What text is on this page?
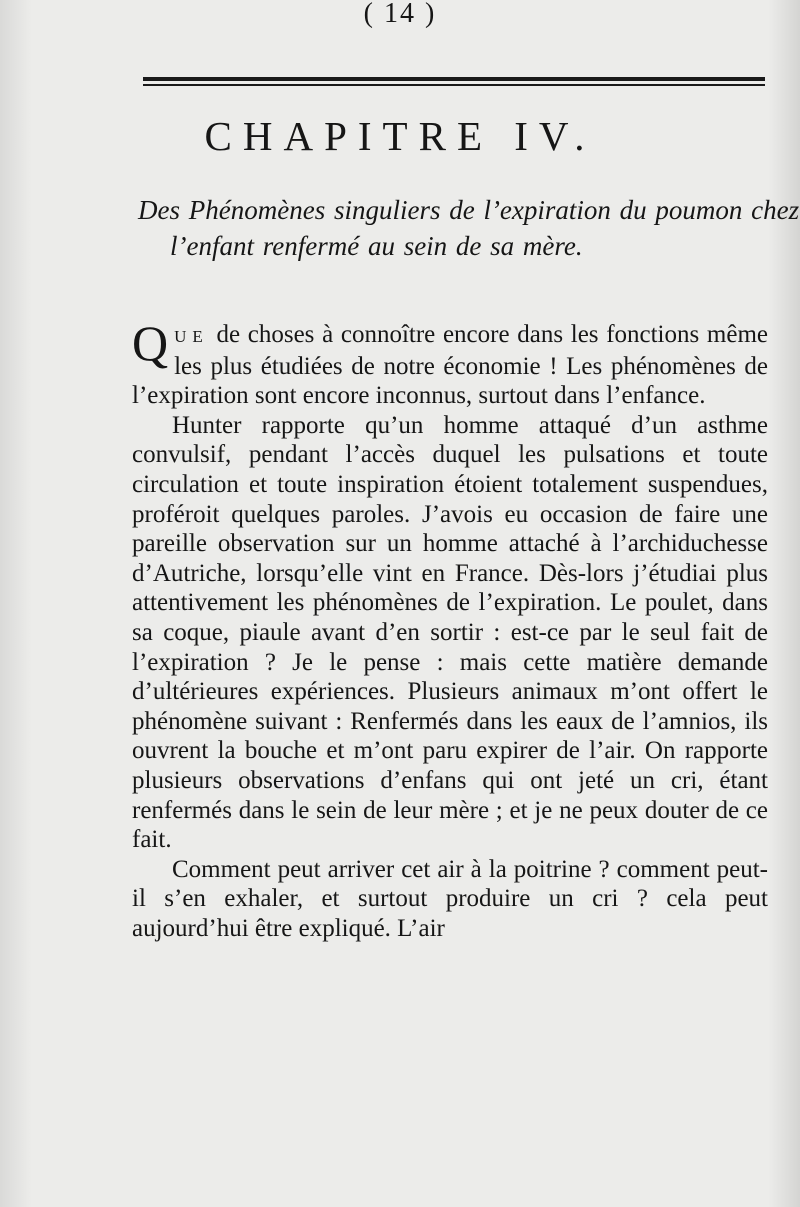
( 14 )
CHAPITRE IV.

Des Phénomènes singuliers de l’expiration du poumon chez l’enfant renfermé au sein de sa mère.

QUE de choses à connoître encore dans les fonctions même les plus étudiées de notre économie ! Les phénomènes de l’expiration sont encore inconnus, surtout dans l’enfance.

Hunter rapporte qu’un homme attaqué d’un asthme convulsif, pendant l’accès duquel les pulsations et toute circulation et toute inspiration étoient totalement suspendues, proféroit quelques paroles. J’avois eu occasion de faire une pareille observation sur un homme attaché à l’archiduchesse d’Autriche, lorsqu’elle vint en France. Dès-lors j’étudiai plus attentivement les phénomènes de l’expiration. Le poulet, dans sa coque, piaule avant d’en sortir : est-ce par le seul fait de l’expiration ? Je le pense : mais cette matière demande d’ultérieures expériences. Plusieurs animaux m’ont offert le phénomène suivant : Renfermés dans les eaux de l’amnios, ils ouvrent la bouche et m’ont paru expirer de l’air. On rapporte plusieurs observations d’enfans qui ont jeté un cri, étant renfermés dans le sein de leur mère ; et je ne peux douter de ce fait.

Comment peut arriver cet air à la poitrine ? comment peut-il s’en exhaler, et surtout produire un cri ? cela peut aujourd’hui être expliqué. L’air
